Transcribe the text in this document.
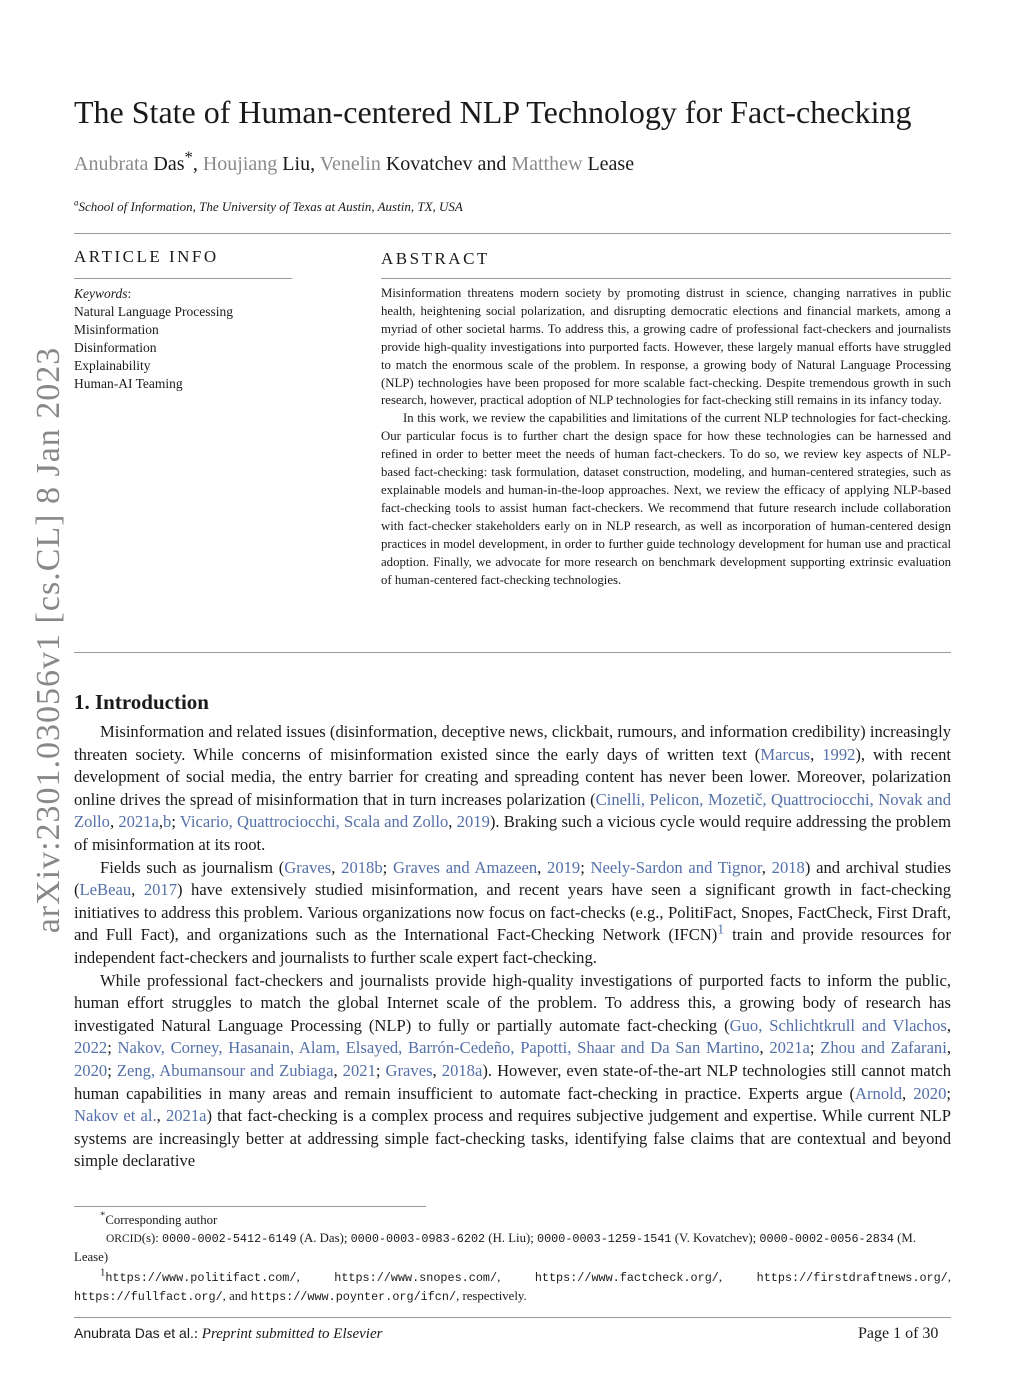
arXiv:2301.03056v1 [cs.CL] 8 Jan 2023
The State of Human-centered NLP Technology for Fact-checking
Anubrata Das*, Houjiang Liu, Venelin Kovatchev and Matthew Lease
$^a$School of Information, The University of Texas at Austin, Austin, TX, USA
ARTICLE INFO
Keywords:
Natural Language Processing
Misinformation
Disinformation
Explainability
Human-AI Teaming
ABSTRACT

Misinformation threatens modern society by promoting distrust in science, changing narratives in public health, heightening social polarization, and disrupting democratic elections and financial markets, among a myriad of other societal harms. To address this, a growing cadre of professional fact-checkers and journalists provide high-quality investigations into purported facts. However, these largely manual efforts have struggled to match the enormous scale of the problem. In response, a growing body of Natural Language Processing (NLP) technologies have been proposed for more scalable fact-checking. Despite tremendous growth in such research, however, practical adoption of NLP technologies for fact-checking still remains in its infancy today.

In this work, we review the capabilities and limitations of the current NLP technologies for fact-checking. Our particular focus is to further chart the design space for how these technologies can be harnessed and refined in order to better meet the needs of human fact-checkers. To do so, we review key aspects of NLP-based fact-checking: task formulation, dataset construction, modeling, and human-centered strategies, such as explainable models and human-in-the-loop approaches. Next, we review the efficacy of applying NLP-based fact-checking tools to assist human fact-checkers. We recommend that future research include collaboration with fact-checker stakeholders early on in NLP research, as well as incorporation of human-centered design practices in model development, in order to further guide technology development for human use and practical adoption. Finally, we advocate for more research on benchmark development supporting extrinsic evaluation of human-centered fact-checking technologies.

1. Introduction

Misinformation and related issues (disinformation, deceptive news, clickbait, rumours, and information credibility) increasingly threaten society. While concerns of misinformation existed since the early days of written text (Marcus, 1992), with recent development of social media, the entry barrier for creating and spreading content has never been lower. Moreover, polarization online drives the spread of misinformation that in turn increases polarization (Cinelli, Pelicon, Mozetič, Quattrociocchi, Novak and Zollo, 2021a,b; Vicario, Quattrociocchi, Scala and Zollo, 2019). Braking such a vicious cycle would require addressing the problem of misinformation at its root.

Fields such as journalism (Graves, 2018b; Graves and Amazeen, 2019; Neely-Sardon and Tignor, 2018) and archival studies (LeBeau, 2017) have extensively studied misinformation, and recent years have seen a significant growth in fact-checking initiatives to address this problem. Various organizations now focus on fact-checks (e.g., PolitiFact, Snopes, FactCheck, First Draft, and Full Fact), and organizations such as the International Fact-Checking Network (IFCN)$^1$ train and provide resources for independent fact-checkers and journalists to further scale expert fact-checking.

While professional fact-checkers and journalists provide high-quality investigations of purported facts to inform the public, human effort struggles to match the global Internet scale of the problem. To address this, a growing body of research has investigated Natural Language Processing (NLP) to fully or partially automate fact-checking (Guo, Schlichtkrull and Vlachos, 2022; Nakov, Corney, Hasanain, Alam, Elsayed, Barrón-Cedeño, Papotti, Shaar and Da San Martino, 2021a; Zhou and Zafarani, 2020; Zeng, Abumansour and Zubiaga, 2021; Graves, 2018a). However, even state-of-the-art NLP technologies still cannot match human capabilities in many areas and remain insufficient to automate fact-checking in practice. Experts argue (Arnold, 2020; Nakov et al., 2021a) that fact-checking is a complex process and requires subjective judgement and expertise. While current NLP systems are increasingly better at addressing simple fact-checking tasks, identifying false claims that are contextual and beyond simple declarative

*Corresponding author

ORCID(s): 0000-0002-5412-6149 (A. Das); 0000-0003-0983-6202 (H. Liu); 0000-0003-1259-1541 (V. Kovatchev); 0000-0002-0056-2834 (M. Lease)

$^1$https://www.politifact.com/, https://www.snopes.com/, https://www.factcheck.org/, https://firstdraftnews.org/, https://fullfact.org/, and https://www.poynter.org/ifcn/, respectively.

Anubrata Das et al.: Preprint submitted to Elsevier	Page 1 of 30
